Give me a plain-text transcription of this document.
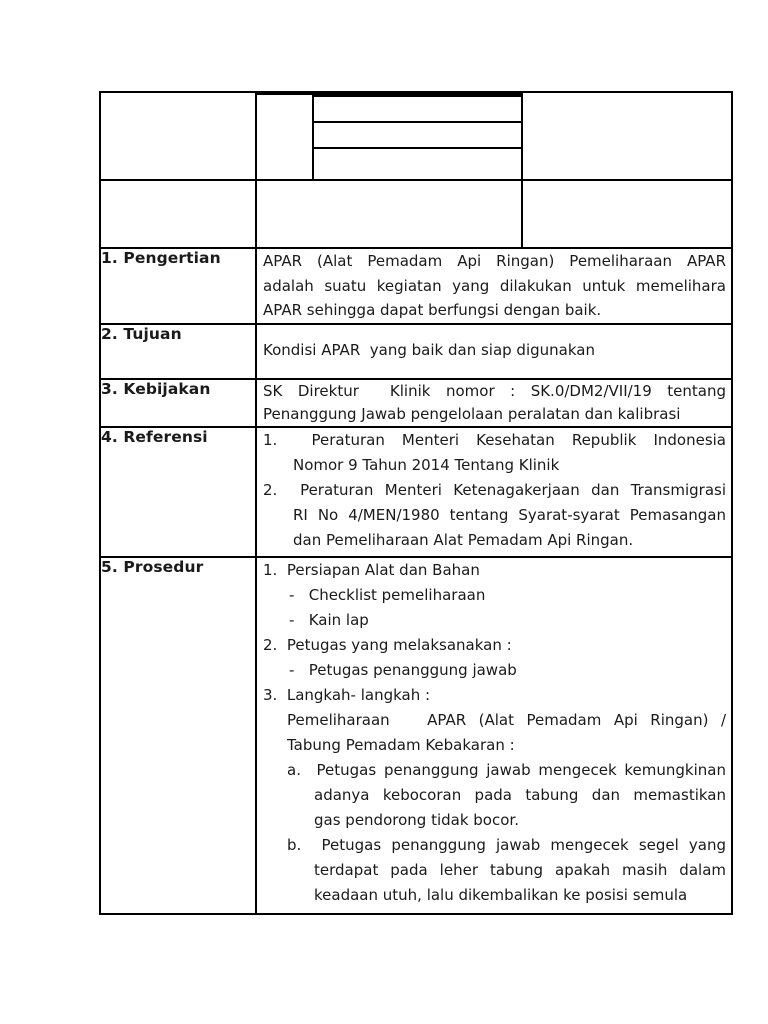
1. Pengertian	APAR (Alat Pemadam Api Ringan) Pemeliharaan APAR
adalah suatu kegiatan yang dilakukan untuk memelihara
APAR sehingga dapat berfungsi dengan baik.		

2. Tujuan	Kondisi APAR  yang baik dan siap digunakan		

3. Kebijakan	SK Direktur  Klinik nomor : SK.0/DM2/VII/19 tentang
Penanggung Jawab pengelolaan peralatan dan kalibrasi		

4. Referensi	1.  Peraturan Menteri Kesehatan Republik Indonesia
Nomor 9 Tahun 2014 Tentang Klinik
2.  Peraturan Menteri Ketenagakerjaan dan Transmigrasi
RI No 4/MEN/1980 tentang Syarat-syarat Pemasangan
dan Pemeliharaan Alat Pemadam Api Ringan.		

5. Prosedur	1.  Persiapan Alat dan Bahan
-   Checklist pemeliharaan
-   Kain lap
2.  Petugas yang melaksanakan :
-   Petugas penanggung jawab
3.  Langkah- langkah :
Pemeliharaan   APAR (Alat Pemadam Api Ringan) /
Tabung Pemadam Kebakaran :
a.  Petugas penanggung jawab mengecek kemungkinan
adanya kebocoran pada tabung dan memastikan
gas pendorong tidak bocor.
b.  Petugas penanggung jawab mengecek segel yang
terdapat pada leher tabung apakah masih dalam
keadaan utuh, lalu dikembalikan ke posisi semula
